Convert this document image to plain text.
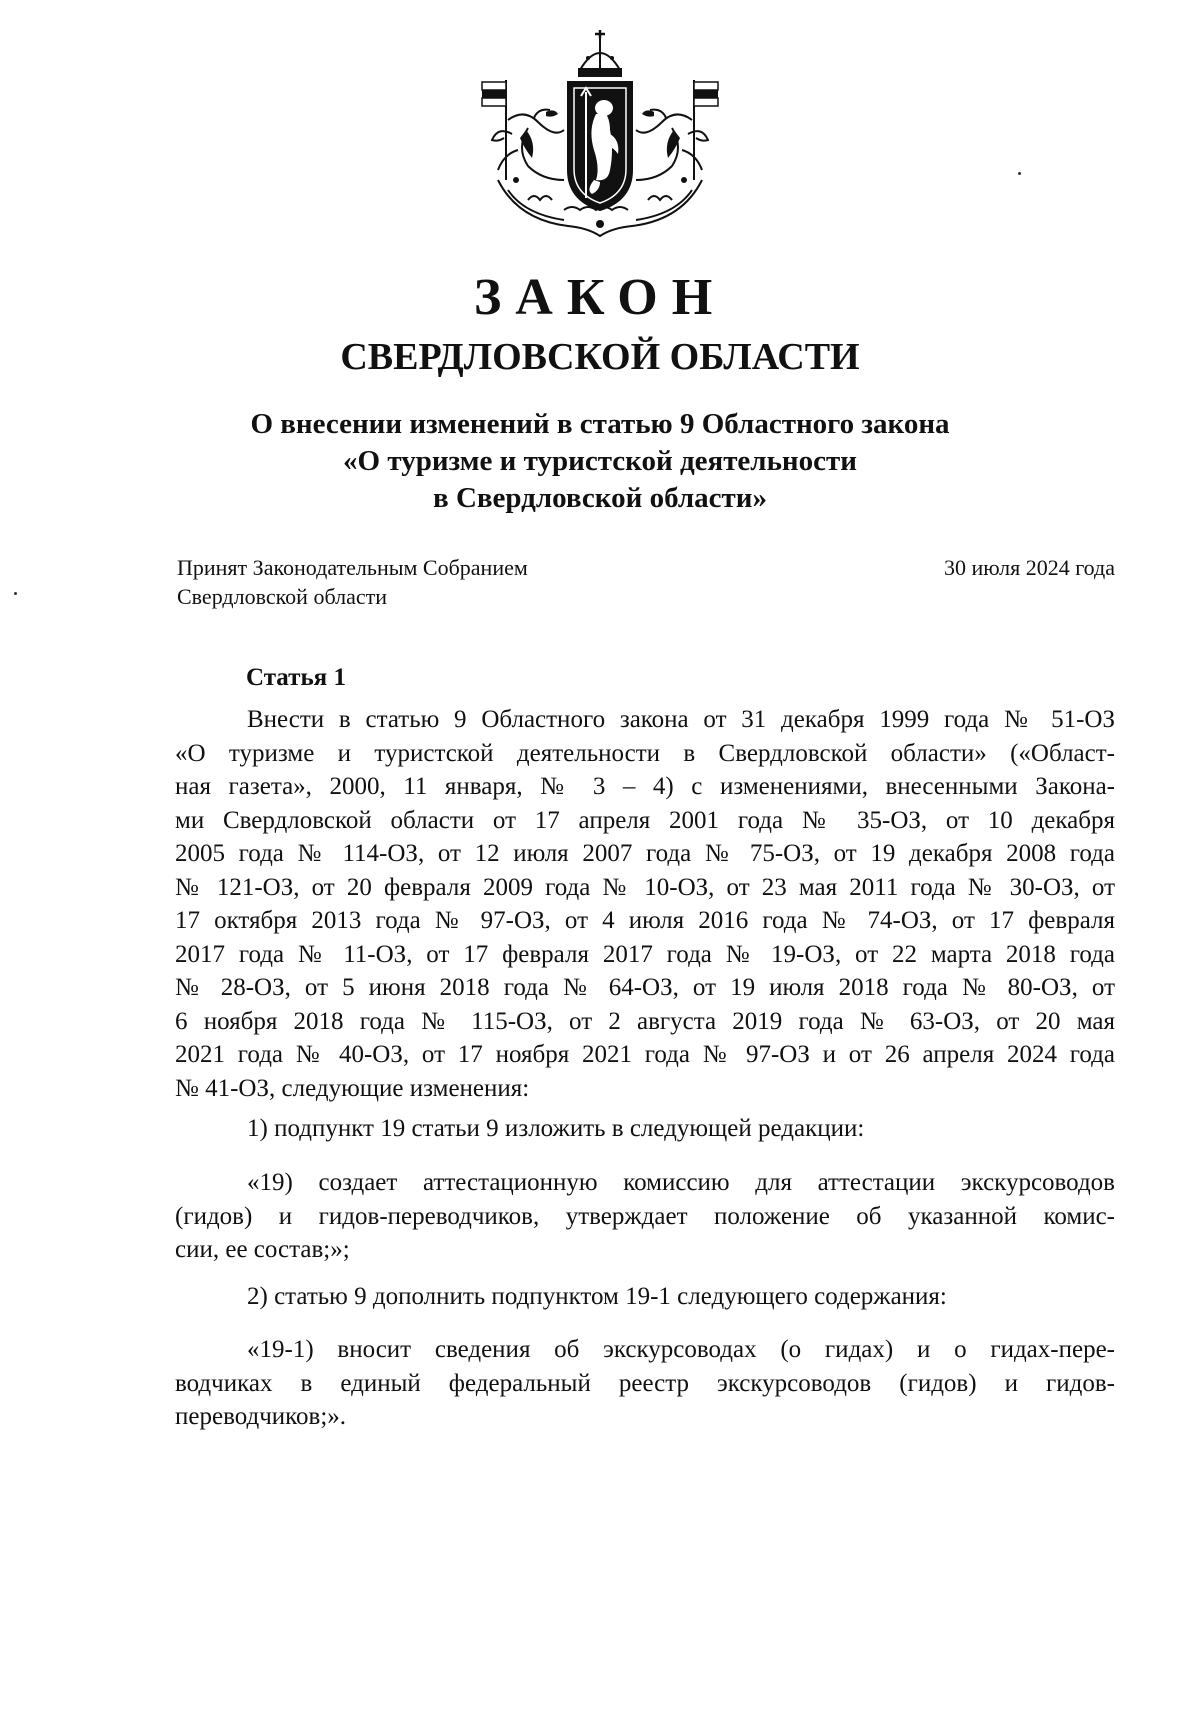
ЗАКОН
СВЕРДЛОВСКОЙ ОБЛАСТИ
О внесении изменений в статью 9 Областного закона
«О туризме и туристской деятельности
в Свердловской области»
Принят Законодательным Собранием
Свердловской области
30 июля 2024 года
Статья 1
Внести в статью 9 Областного закона от 31 декабря 1999 года № 51-ОЗ
«О туризме и туристской деятельности в Свердловской области» («Област-
ная газета», 2000, 11 января, № 3 – 4) с изменениями, внесенными Закона-
ми Свердловской области от 17 апреля 2001 года № 35-ОЗ, от 10 декабря
2005 года № 114-ОЗ, от 12 июля 2007 года № 75-ОЗ, от 19 декабря 2008 года
№ 121-ОЗ, от 20 февраля 2009 года № 10-ОЗ, от 23 мая 2011 года № 30-ОЗ, от
17 октября 2013 года № 97-ОЗ, от 4 июля 2016 года № 74-ОЗ, от 17 февраля
2017 года № 11-ОЗ, от 17 февраля 2017 года № 19-ОЗ, от 22 марта 2018 года
№ 28-ОЗ, от 5 июня 2018 года № 64-ОЗ, от 19 июля 2018 года № 80-ОЗ, от
6 ноября 2018 года № 115-ОЗ, от 2 августа 2019 года № 63-ОЗ, от 20 мая
2021 года № 40-ОЗ, от 17 ноября 2021 года № 97-ОЗ и от 26 апреля 2024 года
№ 41-ОЗ, следующие изменения:
1) подпункт 19 статьи 9 изложить в следующей редакции:
«19) создает аттестационную комиссию для аттестации экскурсоводов
(гидов) и гидов-переводчиков, утверждает положение об указанной комис-
сии, ее состав;»;
2) статью 9 дополнить подпунктом 19-1 следующего содержания:
«19-1) вносит сведения об экскурсоводах (о гидах) и о гидах-пере-
водчиках в единый федеральный реестр экскурсоводов (гидов) и гидов-
переводчиков;».
